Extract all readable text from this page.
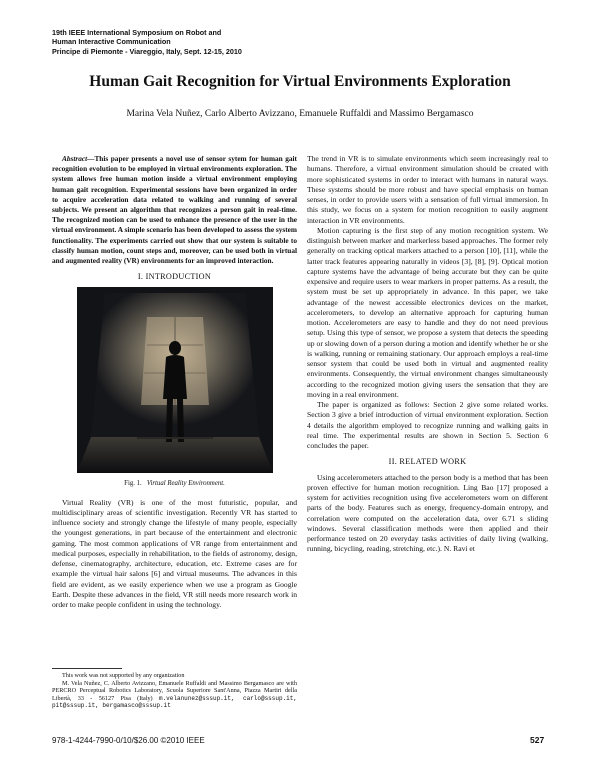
19th IEEE International Symposium on Robot and
Human Interactive Communication
Principe di Piemonte - Viareggio, Italy, Sept. 12-15, 2010
Human Gait Recognition for Virtual Environments Exploration
Marina Vela Nuñez, Carlo Alberto Avizzano, Emanuele Ruffaldi and Massimo Bergamasco

Abstract—This paper presents a novel use of sensor sytem for human gait recognition evolution to be employed in virtual environments exploration. The system allows free human motion inside a virtual environment employing human gait recognition. Experimental sessions have been organized in order to acquire acceleration data related to walking and running of several subjects. We present an algorithm that recognizes a person gait in real-time. The recognized motion can be used to enhance the presence of the user in the virtual environment. A simple scenario has been developed to assess the system functionality. The experiments carried out show that our system is suitable to classify human motion, count steps and, moreover, can be used both in virtual and augmented reality (VR) environments for an improved interaction.

I. INTRODUCTION

Fig. 1. Virtual Reality Environment.

Virtual Reality (VR) is one of the most futuristic, popular, and multidisciplinary areas of scientific investigation. Recently VR has started to influence society and strongly change the lifestyle of many people, especially the youngest generations, in part because of the entertainment and electronic gaming. The most common applications of VR range from entertainment and medical purposes, especially in rehabilitation, to the fields of astronomy, design, defense, cinematography, architecture, education, etc. Extreme cases are for example the virtual hair salons [6] and virtual museums. The advances in this field are evident, as we easily experience when we use a program as Google Earth. Despite these advances in the field, VR still needs more research work in order to make people confident in using the technology.

This work was not supported by any organization

M. Vela Nuñez, C. Alberto Avizzano, Emanuele Ruffaldi and Massimo Bergamasco are with PERCRO Perceptual Robotics Laboratory, Scuola Superiore Sant'Anna, Piazza Martiri della Libertà, 33 - 56127 Pisa (Italy) m.velanunez@sssup.it, carlo@sssup.it, pit@sssup.it, bergamasco@sssup.it

The trend in VR is to simulate environments which seem increasingly real to humans. Therefore, a virtual environment simulation should be created with more sophisticated systems in order to interact with humans in natural ways. These systems should be more robust and have special emphasis on human senses, in order to provide users with a sensation of full virtual immersion. In this study, we focus on a system for motion recognition to easily augment interaction in VR environments.

Motion capturing is the first step of any motion recognition system. We distinguish between marker and markerless based approaches. The former rely generally on tracking optical markers attached to a person [10], [11], while the latter track features appearing naturally in videos [3], [8], [9]. Optical motion capture systems have the advantage of being accurate but they can be quite expensive and require users to wear markers in proper patterns. As a result, the system must be set up appropriately in advance. In this paper, we take advantage of the newest accessible electronics devices on the market, accelerometers, to develop an alternative approach for capturing human motion. Accelerometers are easy to handle and they do not need previous setup. Using this type of sensor, we propose a system that detects the speeding up or slowing down of a person during a motion and identify whether he or she is walking, running or remaining stationary. Our approach employs a real-time sensor system that could be used both in virtual and augmented reality environments. Consequently, the virtual environment changes simultaneously according to the recognized motion giving users the sensation that they are moving in a real environment.

The paper is organized as follows: Section 2 give some related works. Section 3 give a brief introduction of virtual environment exploration. Section 4 details the algorithm employed to recognize running and walking gaits in real time. The experimental results are shown in Section 5. Section 6 concludes the paper.

II. RELATED WORK

Using accelerometers attached to the person body is a method that has been proven effective for human motion recognition. Ling Bao [17] proposed a system for activities recognition using five accelerometers worn on different parts of the body. Features such as energy, frequency-domain entropy, and correlation were computed on the acceleration data, over 6.71 s sliding windows. Several classification methods were then applied and their performance tested on 20 everyday tasks activities of daily living (walking, running, bicycling, reading, stretching, etc.). N. Ravi et

978-1-4244-7990-0/10/$26.00 ©2010 IEEE	527
